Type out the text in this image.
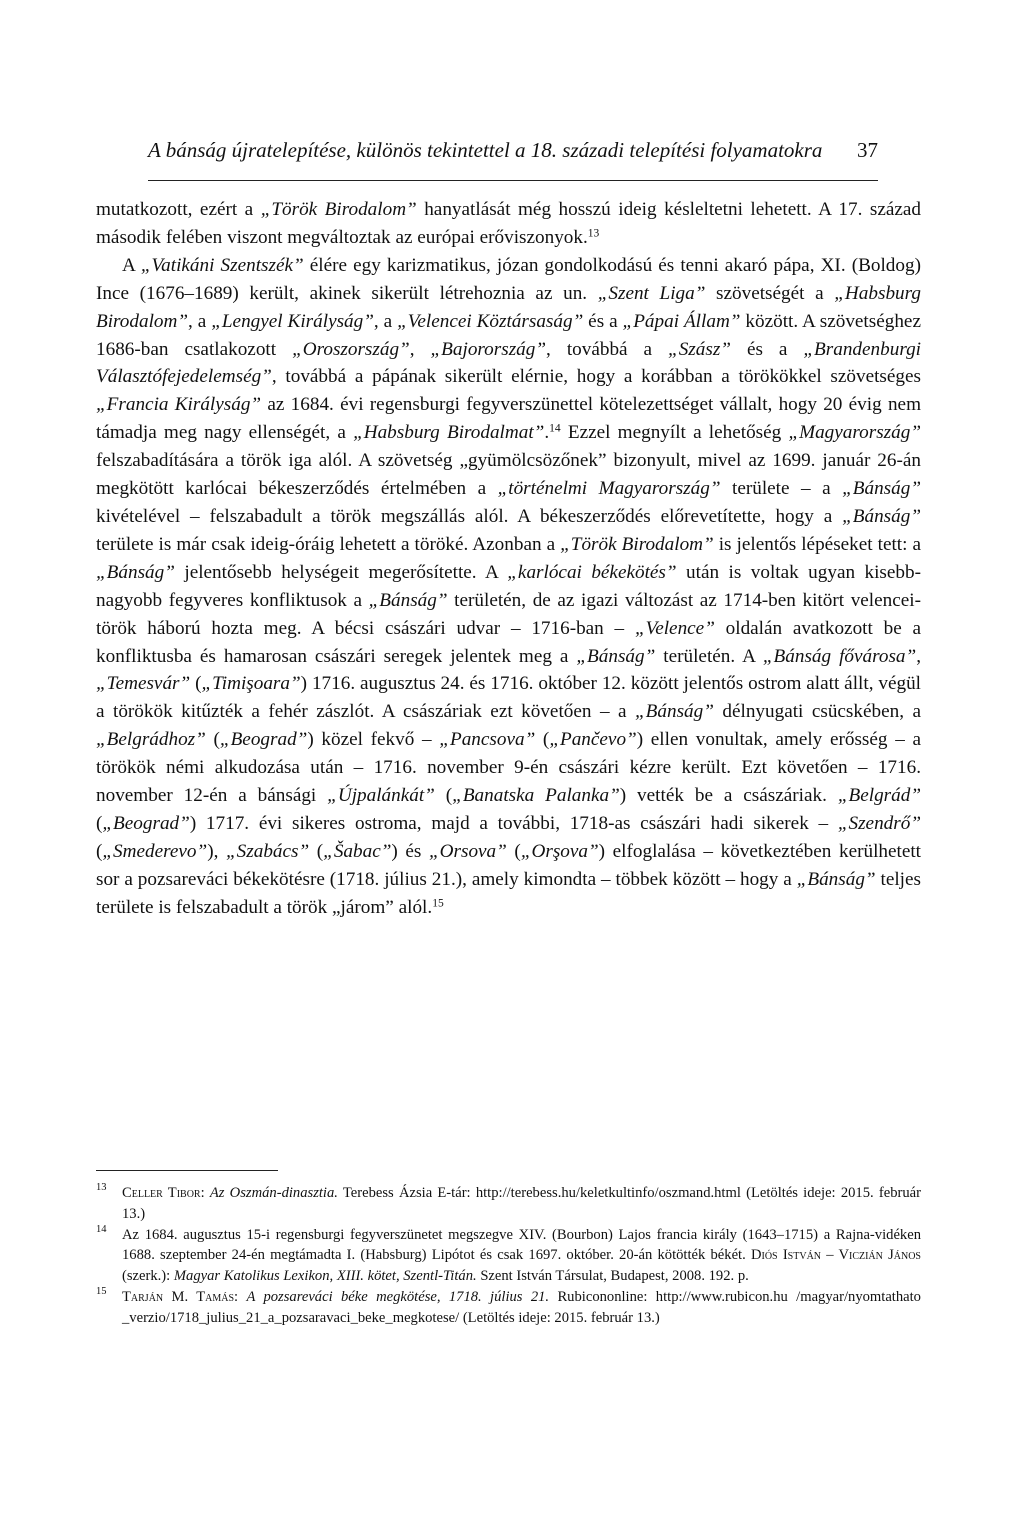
A bánság újratelepítése, különös tekintettel a 18. századi telepítési folyamatokra 37

mutatkozott, ezért a „Török Birodalom” hanyatlását még hosszú ideig késleltetni lehetett. A 17. század második felében viszont megváltoztak az európai erőviszonyok.$^{13}$

A „Vatikáni Szentszék” élére egy karizmatikus, józan gondolkodású és tenni akaró pápa, XI. (Boldog) Ince (1676–1689) került, akinek sikerült létrehoznia az un. „Szent Liga” szövetségét a „Habsburg Birodalom”, a „Lengyel Királyság”, a „Velencei Köztársaság” és a „Pápai Állam” között. A szövetséghez 1686-ban csatlakozott „Oroszország”, „Bajorország”, továbbá a „Szász” és a „Brandenburgi Választófejedelemség”, továbbá a pápának sikerült elérnie, hogy a korábban a törökökkel szövetséges „Francia Királyság” az 1684. évi regensburgi fegyverszünettel kötelezettséget vállalt, hogy 20 évig nem támadja meg nagy ellenségét, a „Habsburg Birodalmat”.$^{14}$ Ezzel megnyílt a lehetőség „Magyarország” felszabadítására a török iga alól. A szövetség „gyümölcsözőnek” bizonyult, mivel az 1699. január 26-án megkötött karlócai békeszerződés értelmében a „történelmi Magyarország” területe – a „Bánság” kivételével – felszabadult a török megszállás alól. A békeszerződés előrevetítette, hogy a „Bánság” területe is már csak ideig-óráig lehetett a töröké. Azonban a „Török Birodalom” is jelentős lépéseket tett: a „Bánság” jelentősebb helységeit megerősítette. A „karlócai békekötés” után is voltak ugyan kisebb-nagyobb fegyveres konfliktusok a „Bánság” területén, de az igazi változást az 1714-ben kitört velencei-török háború hozta meg. A bécsi császári udvar – 1716-ban – „Velence” oldalán avatkozott be a konfliktusba és hamarosan császári seregek jelentek meg a „Bánság” területén. A „Bánság fővárosa”, „Temesvár” („Timişoara”) 1716. augusztus 24. és 1716. október 12. között jelentős ostrom alatt állt, végül a törökök kitűzték a fehér zászlót. A császáriak ezt követően – a „Bánság” délnyugati csücskében, a „Belgrádhoz” („Beograd”) közel fekvő – „Pancsova” („Pančevo”) ellen vonultak, amely erősség – a törökök némi alkudozása után – 1716. november 9-én császári kézre került. Ezt követően – 1716. november 12-én a bánsági „Újpalánkát” („Banatska Palanka”) vették be a császáriak. „Belgrád” („Beograd”) 1717. évi sikeres ostroma, majd a további, 1718-as császári hadi sikerek – „Szendrő” („Smederevo”), „Szabács” („Šabac”) és „Orsova” („Orşova”) elfoglalása – következtében kerülhetett sor a pozsareváci békekötésre (1718. július 21.), amely kimondta – többek között – hogy a „Bánság” teljes területe is felszabadult a török „járom” alól.$^{15}$

13 Celler Tibor: Az Oszmán-dinasztia. Terebess Ázsia E-tár: http://terebess.hu/keletkultinfo/oszmand.html (Letöltés ideje: 2015. február 13.)

14 Az 1684. augusztus 15-i regensburgi fegyverszünetet megszegve XIV. (Bourbon) Lajos francia király (1643–1715) a Rajna-vidéken 1688. szeptember 24-én megtámadta I. (Habsburg) Lipótot és csak 1697. október. 20-án kötötték békét. Diós István – Viczián János (szerk.): Magyar Katolikus Lexikon, XIII. kötet, Szentl-Titán. Szent István Társulat, Budapest, 2008. 192. p.

15 Tarján M. Tamás: A pozsareváci béke megkötése, 1718. július 21. Rubicononline: http://www.rubicon.hu /magyar/nyomtathato _verzio/1718_julius_21_a_pozsaravaci_beke_megkotese/ (Letöltés ideje: 2015. február 13.)
